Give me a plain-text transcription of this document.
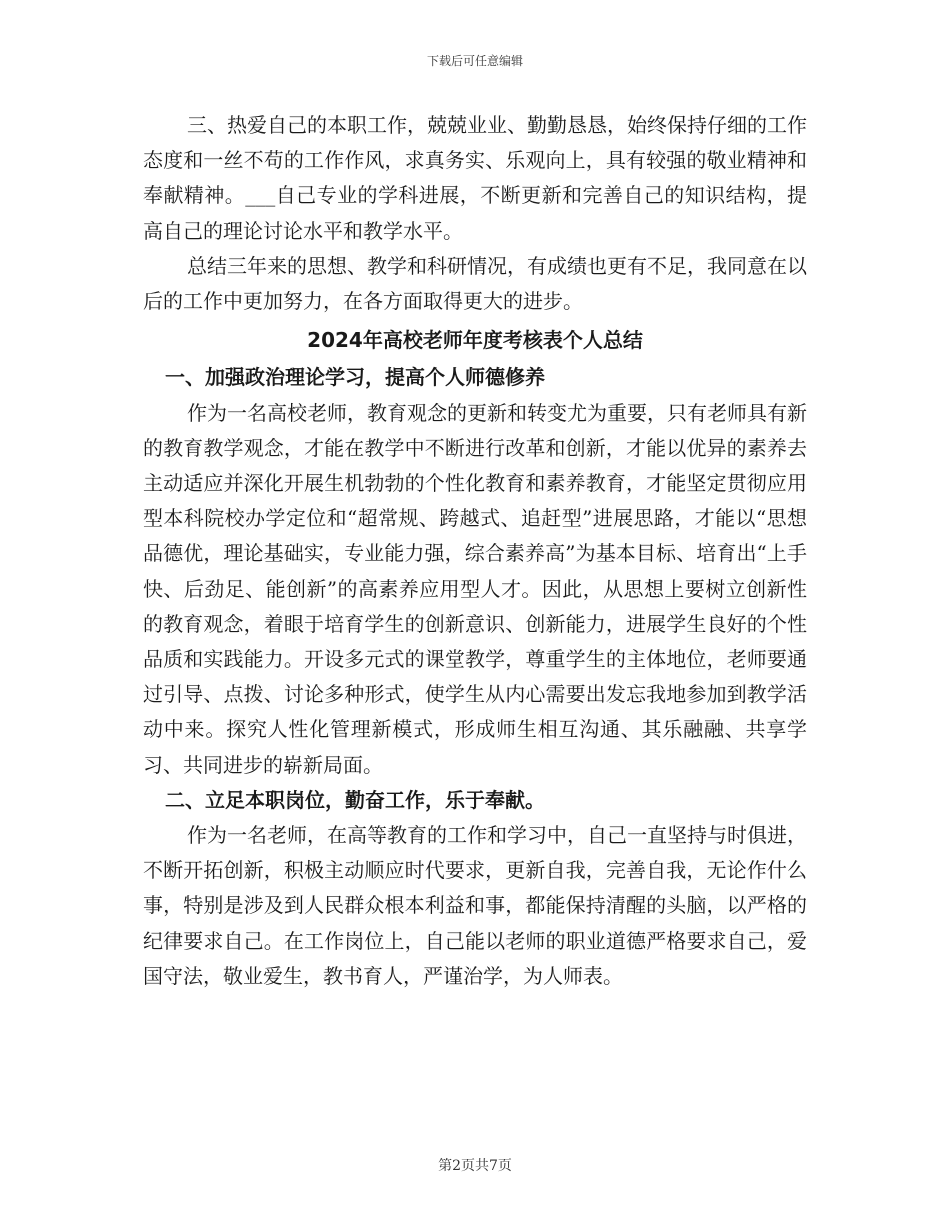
下载后可任意编辑

三、热爱自己的本职工作，兢兢业业、勤勤恳恳，始终保持仔细的工作态度和一丝不苟的工作作风，求真务实、乐观向上，具有较强的敬业精神和奉献精神。___自己专业的学科进展，不断更新和完善自己的知识结构，提高自己的理论讨论水平和教学水平。

总结三年来的思想、教学和科研情况，有成绩也更有不足，我同意在以后的工作中更加努力，在各方面取得更大的进步。

2024年高校老师年度考核表个人总结

一、加强政治理论学习，提高个人师德修养

作为一名高校老师，教育观念的更新和转变尤为重要，只有老师具有新的教育教学观念，才能在教学中不断进行改革和创新，才能以优异的素养去主动适应并深化开展生机勃勃的个性化教育和素养教育，才能坚定贯彻应用型本科院校办学定位和“超常规、跨越式、追赶型”进展思路，才能以“思想品德优，理论基础实，专业能力强，综合素养高”为基本目标、培育出“上手快、后劲足、能创新”的高素养应用型人才。因此，从思想上要树立创新性的教育观念，着眼于培育学生的创新意识、创新能力，进展学生良好的个性品质和实践能力。开设多元式的课堂教学，尊重学生的主体地位，老师要通过引导、点拨、讨论多种形式，使学生从内心需要出发忘我地参加到教学活动中来。探究人性化管理新模式，形成师生相互沟通、其乐融融、共享学习、共同进步的崭新局面。

二、立足本职岗位，勤奋工作，乐于奉献。

作为一名老师，在高等教育的工作和学习中，自己一直坚持与时俱进，不断开拓创新，积极主动顺应时代要求，更新自我，完善自我，无论作什么事，特别是涉及到人民群众根本利益和事，都能保持清醒的头脑，以严格的纪律要求自己。在工作岗位上，自己能以老师的职业道德严格要求自己，爱国守法，敬业爱生，教书育人，严谨治学，为人师表。

第2页共7页
